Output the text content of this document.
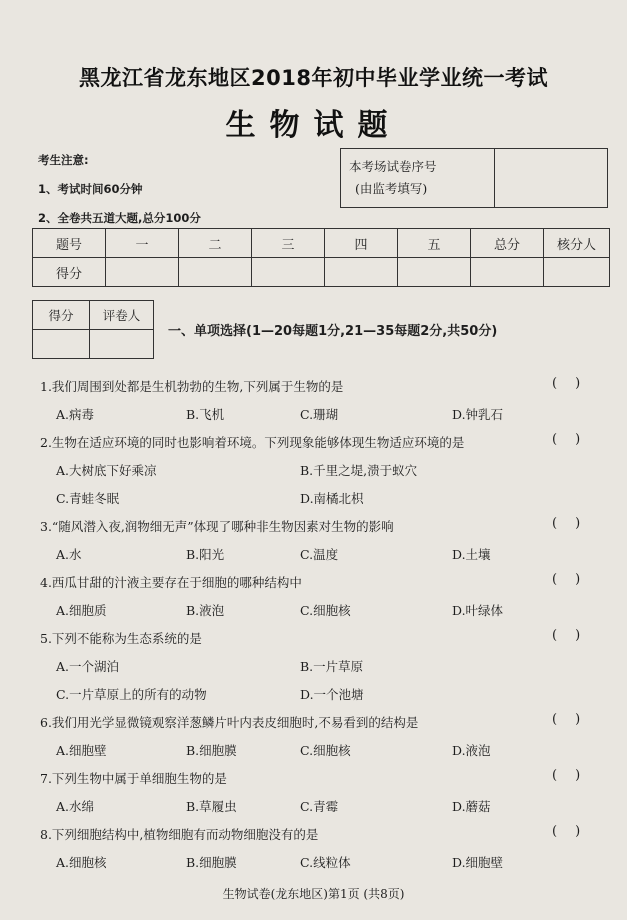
黑龙江省龙东地区2018年初中毕业学业统一考试
生物试题
考生注意:
1、考试时间60分钟
2、全卷共五道大题,总分100分
本考场试卷序号
(由监考填写)

题号	一	二	三	四	五	总分	核分人
得分							
得分	评卷人

一、单项选择(1—20每题1分,21—35每题2分,共50分)
1.我们周围到处都是生机勃勃的生物,下列属于生物的是	()
A.病毒	B.飞机	C.珊瑚	D.钟乳石
2.生物在适应环境的同时也影响着环境。下列现象能够体现生物适应环境的是	()
A.大树底下好乘凉	B.千里之堤,溃于蚁穴
C.青蛙冬眠	D.南橘北枳
3.“随风潜入夜,润物细无声”体现了哪种非生物因素对生物的影响	()
A.水	B.阳光	C.温度	D.土壤
4.西瓜甘甜的汁液主要存在于细胞的哪种结构中	()
A.细胞质	B.液泡	C.细胞核	D.叶绿体
5.下列不能称为生态系统的是	()
A.一个湖泊	B.一片草原
C.一片草原上的所有的动物	D.一个池塘
6.我们用光学显微镜观察洋葱鳞片叶内表皮细胞时,不易看到的结构是	()
A.细胞壁	B.细胞膜	C.细胞核	D.液泡
7.下列生物中属于单细胞生物的是	()
A.水绵	B.草履虫	C.青霉	D.蘑菇
8.下列细胞结构中,植物细胞有而动物细胞没有的是	()
A.细胞核	B.细胞膜	C.线粒体	D.细胞壁
生物试卷(龙东地区)第1页 (共8页)
